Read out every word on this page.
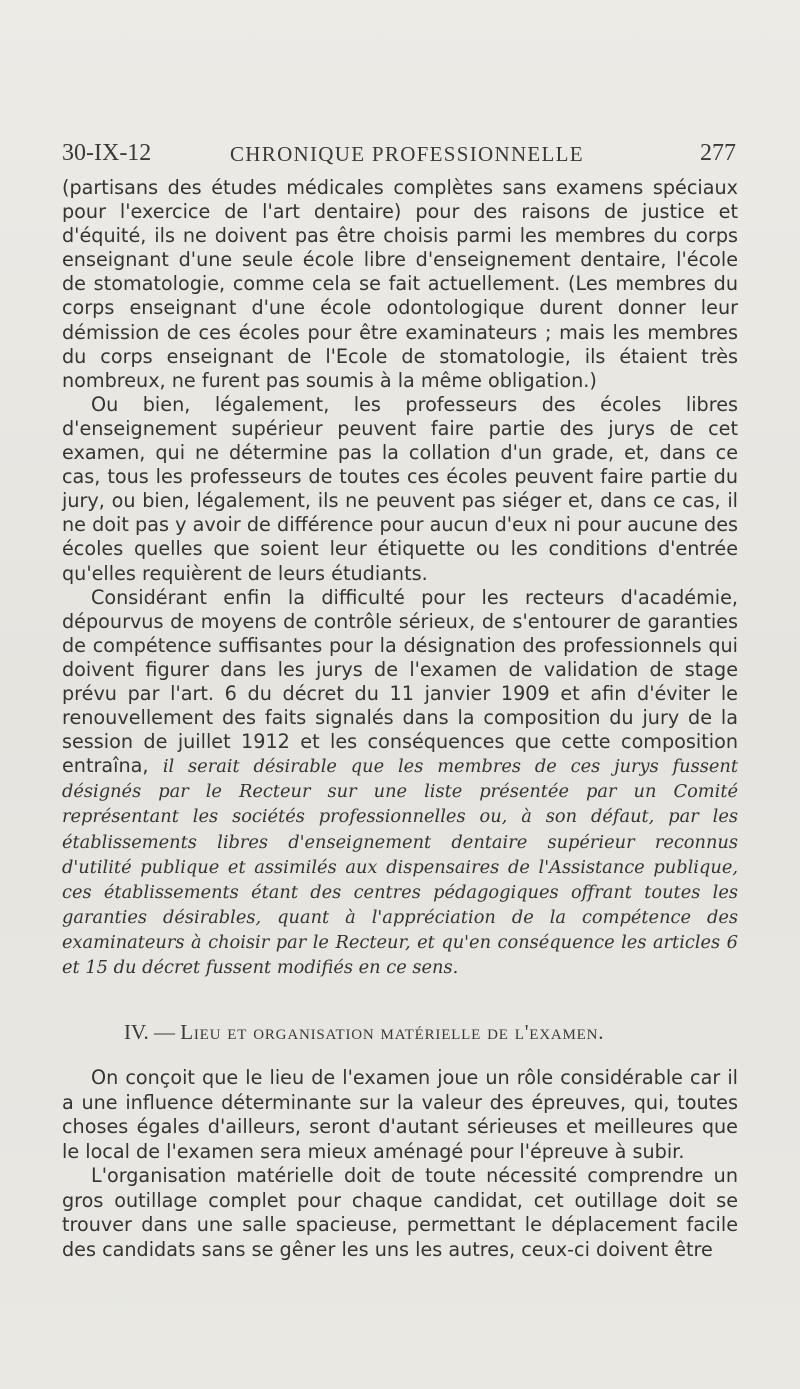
30-IX-12	CHRONIQUE PROFESSIONNELLE	277

(partisans des études médicales complètes sans examens spéciaux pour l'exercice de l'art dentaire) pour des raisons de justice et d'équité, ils ne doivent pas être choisis parmi les membres du corps enseignant d'une seule école libre d'enseignement dentaire, l'école de stomatologie, comme cela se fait actuellement. (Les membres du corps enseignant d'une école odontologique durent donner leur démission de ces écoles pour être examinateurs ; mais les membres du corps enseignant de l'Ecole de stomatologie, ils étaient très nombreux, ne furent pas soumis à la même obligation.)

Ou bien, légalement, les professeurs des écoles libres d'enseignement supérieur peuvent faire partie des jurys de cet examen, qui ne détermine pas la collation d'un grade, et, dans ce cas, tous les professeurs de toutes ces écoles peuvent faire partie du jury, ou bien, légalement, ils ne peuvent pas siéger et, dans ce cas, il ne doit pas y avoir de différence pour aucun d'eux ni pour aucune des écoles quelles que soient leur étiquette ou les conditions d'entrée qu'elles requièrent de leurs étudiants.

Considérant enfin la difficulté pour les recteurs d'académie, dépourvus de moyens de contrôle sérieux, de s'entourer de garanties de compétence suffisantes pour la désignation des professionnels qui doivent figurer dans les jurys de l'examen de validation de stage prévu par l'art. 6 du décret du 11 janvier 1909 et afin d'éviter le renouvellement des faits signalés dans la composition du jury de la session de juillet 1912 et les conséquences que cette composition entraîna, il serait désirable que les membres de ces jurys fussent désignés par le Recteur sur une liste présentée par un Comité représentant les sociétés professionnelles ou, à son défaut, par les établissements libres d'enseignement dentaire supérieur reconnus d'utilité publique et assimilés aux dispensaires de l'Assistance publique, ces établissements étant des centres pédagogiques offrant toutes les garanties désirables, quant à l'appréciation de la compétence des examinateurs à choisir par le Recteur, et qu'en conséquence les articles 6 et 15 du décret fussent modifiés en ce sens.

IV. — Lieu et organisation matérielle de l'examen.

On conçoit que le lieu de l'examen joue un rôle considérable car il a une influence déterminante sur la valeur des épreuves, qui, toutes choses égales d'ailleurs, seront d'autant sérieuses et meilleures que le local de l'examen sera mieux aménagé pour l'épreuve à subir.

L'organisation matérielle doit de toute nécessité comprendre un gros outillage complet pour chaque candidat, cet outillage doit se trouver dans une salle spacieuse, permettant le déplacement facile des candidats sans se gêner les uns les autres, ceux-ci doivent être
